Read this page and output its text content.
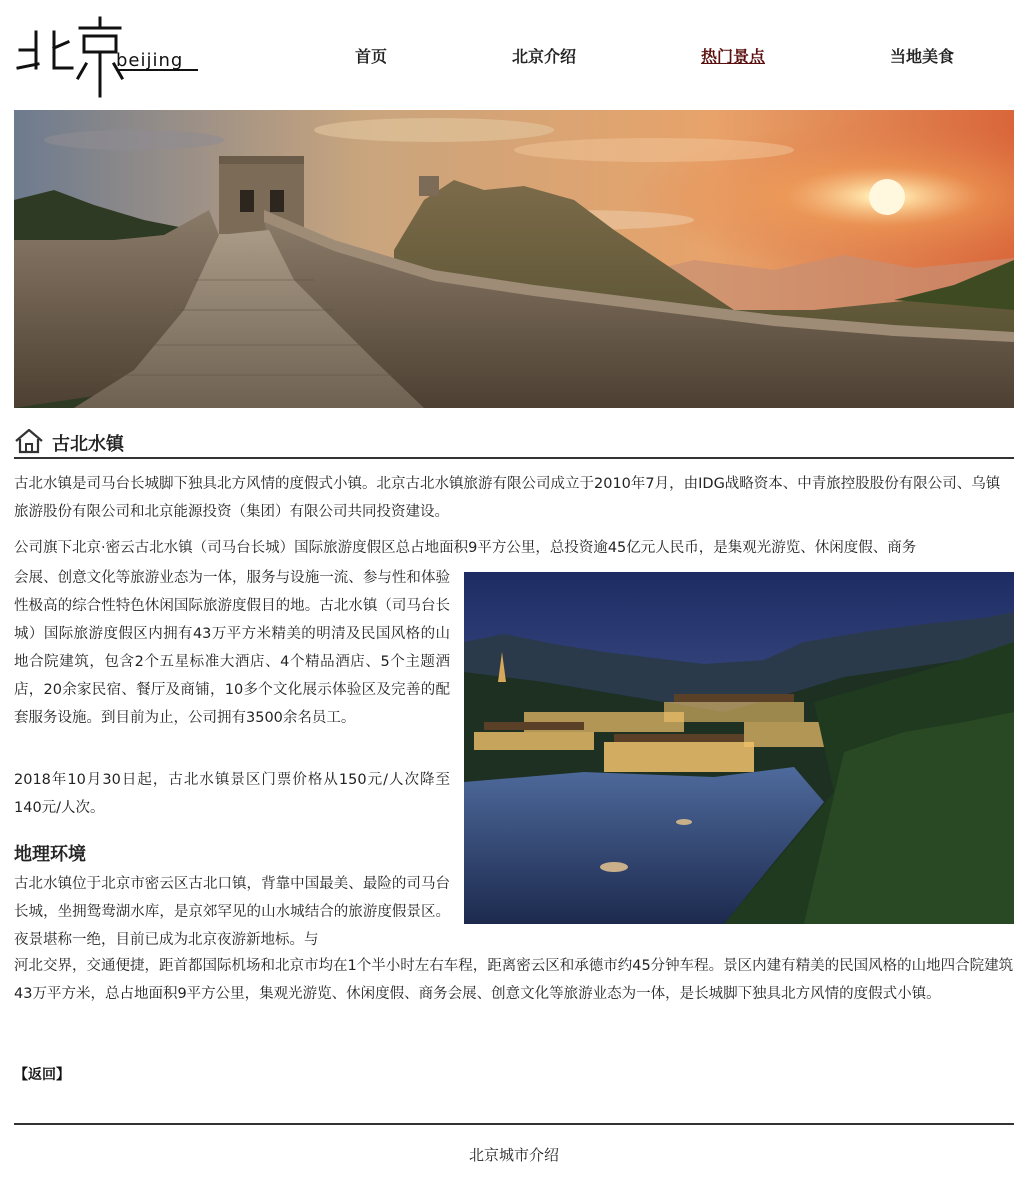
beijing	首页	北京介绍	热门景点	当地美食
古北水镇
古北水镇是司马台长城脚下独具北方风情的度假式小镇。北京古北水镇旅游有限公司成立于2010年7月，由IDG战略资本、中青旅控股股份有限公司、乌镇旅游股份有限公司和北京能源投资（集团）有限公司共同投资建设。
公司旗下北京·密云古北水镇（司马台长城）国际旅游度假区总占地面积9平方公里，总投资逾45亿元人民币，是集观光游览、休闲度假、商务
会展、创意文化等旅游业态为一体，服务与设施一流、参与性和体验性极高的综合性特色休闲国际旅游度假目的地。古北水镇（司马台长城）国际旅游度假区内拥有43万平方米精美的明清及民国风格的山地合院建筑，包含2个五星标准大酒店、4个精品酒店、5个主题酒店，20余家民宿、餐厅及商铺，10多个文化展示体验区及完善的配套服务设施。到目前为止，公司拥有3500余名员工。
2018年10月30日起，古北水镇景区门票价格从150元/人次降至140元/人次。
地理环境
古北水镇位于北京市密云区古北口镇，背靠中国最美、最险的司马台长城，坐拥鸳鸯湖水库，是京郊罕见的山水城结合的旅游度假景区。夜景堪称一绝，目前已成为北京夜游新地标。与
河北交界，交通便捷，距首都国际机场和北京市均在1个半小时左右车程，距离密云区和承德市约45分钟车程。景区内建有精美的民国风格的山地四合院建筑43万平方米，总占地面积9平方公里，集观光游览、休闲度假、商务会展、创意文化等旅游业态为一体，是长城脚下独具北方风情的度假式小镇。
【返回】
北京城市介绍
